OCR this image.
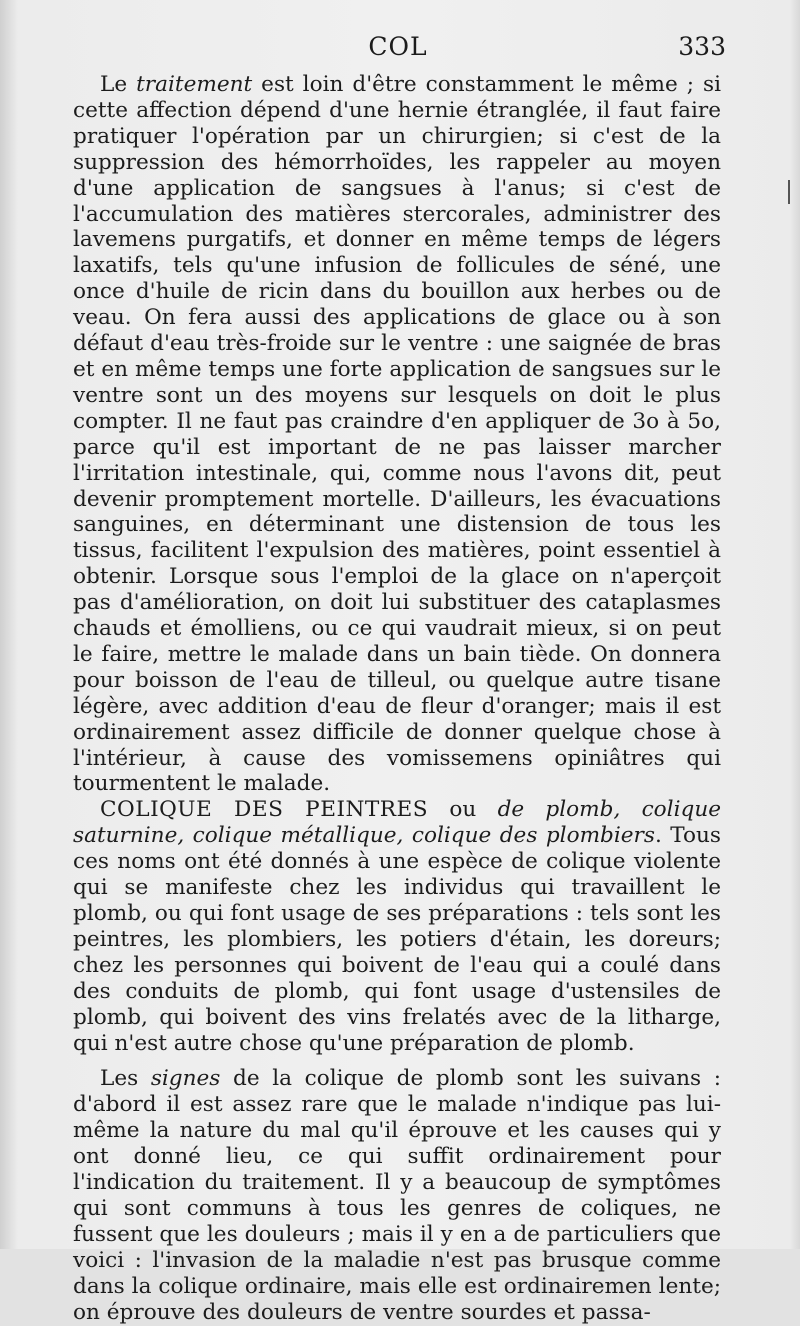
COL	333

Le traitement est loin d'être constamment le même ; si cette affection dépend d'une hernie étranglée, il faut faire pratiquer l'opération par un chirurgien; si c'est de la suppression des hémorrhoïdes, les rappeler au moyen d'une application de sangsues à l'anus; si c'est de l'accumulation des matières stercorales, administrer des lavemens purgatifs, et donner en même temps de légers laxatifs, tels qu'une infusion de follicules de séné, une once d'huile de ricin dans du bouillon aux herbes ou de veau. On fera aussi des applications de glace ou à son défaut d'eau très-froide sur le ventre : une saignée de bras et en même temps une forte application de sangsues sur le ventre sont un des moyens sur lesquels on doit le plus compter. Il ne faut pas craindre d'en appliquer de 3o à 5o, parce qu'il est important de ne pas laisser marcher l'irritation intestinale, qui, comme nous l'avons dit, peut devenir promptement mortelle. D'ailleurs, les évacuations sanguines, en déterminant une distension de tous les tissus, facilitent l'expulsion des matières, point essentiel à obtenir. Lorsque sous l'emploi de la glace on n'aperçoit pas d'amélioration, on doit lui substituer des cataplasmes chauds et émolliens, ou ce qui vaudrait mieux, si on peut le faire, mettre le malade dans un bain tiède. On donnera pour boisson de l'eau de tilleul, ou quelque autre tisane légère, avec addition d'eau de fleur d'oranger; mais il est ordinairement assez difficile de donner quelque chose à l'intérieur, à cause des vomissemens opiniâtres qui tourmentent le malade.

COLIQUE DES PEINTRES ou de plomb, colique saturnine, colique métallique, colique des plombiers. Tous ces noms ont été donnés à une espèce de colique violente qui se manifeste chez les individus qui travaillent le plomb, ou qui font usage de ses préparations : tels sont les peintres, les plombiers, les potiers d'étain, les doreurs; chez les personnes qui boivent de l'eau qui a coulé dans des conduits de plomb, qui font usage d'ustensiles de plomb, qui boivent des vins frelatés avec de la litharge, qui n'est autre chose qu'une préparation de plomb.

Les signes de la colique de plomb sont les suivans : d'abord il est assez rare que le malade n'indique pas lui-même la nature du mal qu'il éprouve et les causes qui y ont donné lieu, ce qui suffit ordinairement pour l'indication du traitement. Il y a beaucoup de symptômes qui sont communs à tous les genres de coliques, ne fussent que les douleurs ; mais il y en a de particuliers que voici : l'invasion de la maladie n'est pas brusque comme dans la colique ordinaire, mais elle est ordinairemen lente; on éprouve des douleurs de ventre sourdes et passa-
